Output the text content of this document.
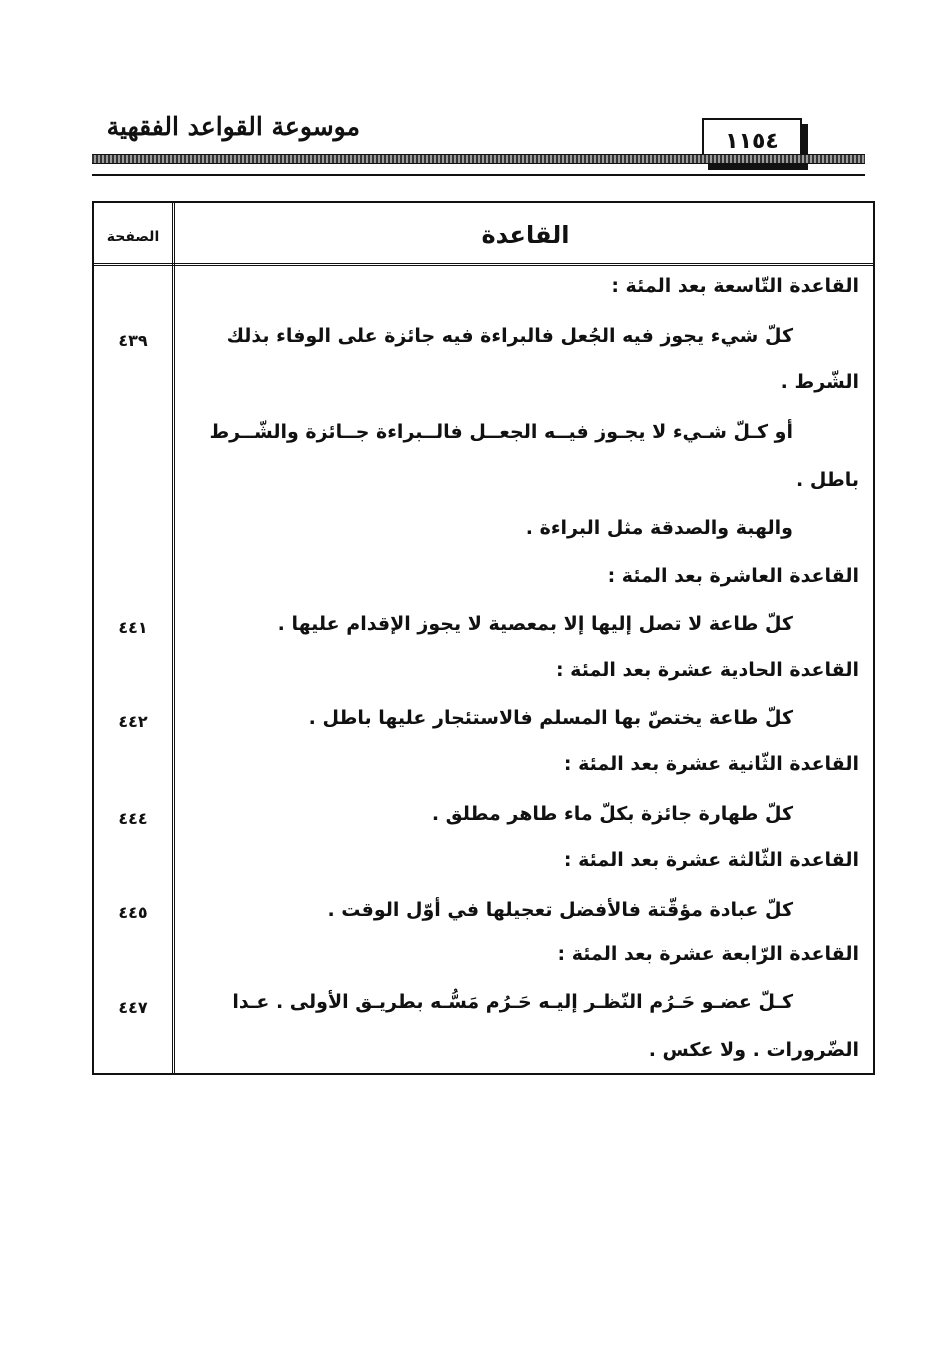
موسوعة القواعد الفقهية	١١٥٤
القاعدة
الصفحة
القاعدة التّاسعة بعد المئة :
كلّ شيء يجوز فيه الجُعل فالبراءة فيه جائزة على الوفاء بذلك
٤٣٩
الشّرط .
أو كـلّ شـيء لا يجـوز فيــه الجعــل فالــبراءة جــائزة والشّــرط
باطل .
والهبة والصدقة مثل البراءة .
القاعدة العاشرة بعد المئة :
كلّ طاعة لا تصل إليها إلا بمعصية لا يجوز الإقدام عليها .
٤٤١
القاعدة الحادية عشرة بعد المئة :
كلّ طاعة يختصّ بها المسلم فالاستئجار عليها باطل .
٤٤٢
القاعدة الثّانية عشرة بعد المئة :
كلّ طهارة جائزة بكلّ ماء طاهر مطلق .
٤٤٤
القاعدة الثّالثة عشرة بعد المئة :
كلّ عبادة مؤقّتة فالأفضل تعجيلها في أوّل الوقت .
٤٤٥
القاعدة الرّابعة عشرة بعد المئة :
كـلّ عضـو حَـرُم النّظـر إليـه حَـرُم مَسُّـه بطريـق الأولى . عـدا
٤٤٧
الضّرورات . ولا عكس .
